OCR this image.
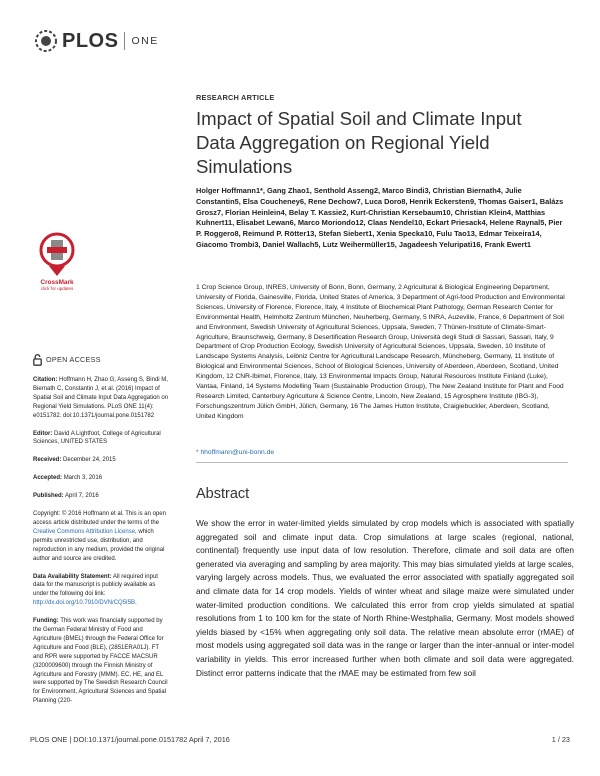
PLOS ONE
RESEARCH ARTICLE
Impact of Spatial Soil and Climate Input Data Aggregation on Regional Yield Simulations
Holger Hoffmann1*, Gang Zhao1, Senthold Asseng2, Marco Bindi3, Christian Biernath4, Julie Constantin5, Elsa Coucheney6, Rene Dechow7, Luca Doro8, Henrik Eckersten9, Thomas Gaiser1, Balázs Grosz7, Florian Heinlein4, Belay T. Kassie2, Kurt-Christian Kersebaum10, Christian Klein4, Matthias Kuhnert11, Elisabet Lewan6, Marco Moriondo12, Claas Nendel10, Eckart Priesack4, Helene Raynal5, Pier P. Roggero8, Reimund P. Rötter13, Stefan Siebert1, Xenia Specka10, Fulu Tao13, Edmar Teixeira14, Giacomo Trombi3, Daniel Wallach5, Lutz Weihermüller15, Jagadeesh Yeluripati16, Frank Ewert1
1 Crop Science Group, INRES, University of Bonn, Bonn, Germany, 2 Agricultural & Biological Engineering Department, University of Florida, Gainesville, Florida, United States of America, 3 Department of Agri-food Production and Environmental Sciences, University of Florence, Florence, Italy, 4 Institute of Biochemical Plant Pathology, German Research Center for Environmental Health, Helmholtz Zentrum München, Neuherberg, Germany, 5 INRA, Auzeville, France, 6 Department of Soil and Environment, Swedish University of Agricultural Sciences, Uppsala, Sweden, 7 Thünen-Institute of Climate-Smart-Agriculture, Braunschweig, Germany, 8 Desertification Research Group, Università degli Studi di Sassari, Sassari, Italy, 9 Department of Crop Production Ecology, Swedish University of Agricultural Sciences, Uppsala, Sweden, 10 Institute of Landscape Systems Analysis, Leibniz Centre for Agricultural Landscape Research, Müncheberg, Germany, 11 Institute of Biological and Environmental Sciences, School of Biological Sciences, University of Aberdeen, Aberdeen, Scotland, United Kingdom, 12 CNR-Ibimet, Florence, Italy, 13 Environmental Impacts Group, Natural Resources Institute Finland (Luke), Vantaa, Finland, 14 Systems Modelling Team (Sustainable Production Group), The New Zealand Institute for Plant and Food Research Limited, Canterbury Agriculture & Science Centre, Lincoln, New Zealand, 15 Agrosphere Institute (IBG-3), Forschungszentrum Jülich GmbH, Jülich, Germany, 16 The James Hutton Institute, Craigiebuckler, Aberdeen, Scotland, United Kingdom
* hhoffmann@uni-bonn.de
Abstract
We show the error in water-limited yields simulated by crop models which is associated with spatially aggregated soil and climate input data. Crop simulations at large scales (regional, national, continental) frequently use input data of low resolution. Therefore, climate and soil data are often generated via averaging and sampling by area majority. This may bias simulated yields at large scales, varying largely across models. Thus, we evaluated the error associated with spatially aggregated soil and climate data for 14 crop models. Yields of winter wheat and silage maize were simulated under water-limited production conditions. We calculated this error from crop yields simulated at spatial resolutions from 1 to 100 km for the state of North Rhine-Westphalia, Germany. Most models showed yields biased by <15% when aggregating only soil data. The relative mean absolute error (rMAE) of most models using aggregated soil data was in the range or larger than the inter-annual or inter-model variability in yields. This error increased further when both climate and soil data were aggregated. Distinct error patterns indicate that the rMAE may be estimated from few soil
CrossMark
click for updates
OPEN ACCESS
Citation: Hoffmann H, Zhao G, Asseng S, Bindi M, Biernath C, Constantin J, et al. (2016) Impact of Spatial Soil and Climate Input Data Aggregation on Regional Yield Simulations. PLoS ONE 11(4): e0151782. doi:10.1371/journal.pone.0151782
Editor: David A Lightfoot, College of Agricultural Sciences, UNITED STATES
Received: December 24, 2015
Accepted: March 3, 2016
Published: April 7, 2016
Copyright: © 2016 Hoffmann et al. This is an open access article distributed under the terms of the Creative Commons Attribution License, which permits unrestricted use, distribution, and reproduction in any medium, provided the original author and source are credited.
Data Availability Statement: All required input data for the manuscript is publicly available as under the following doi link: http://dx.doi.org/10.7910/DVN/CQ5I5B.
Funding: This work was financially supported by the German Federal Ministry of Food and Agriculture (BMEL) through the Federal Office for Agriculture and Food (BLE), (2851ERA01J). FT and RPR were supported by FACCE MACSUR (3200009600) through the Finnish Ministry of Agriculture and Forestry (MMM). EC, HE, and EL were supported by The Swedish Research Council for Environment, Agricultural Sciences and Spatial Planning (220-
PLOS ONE | DOI:10.1371/journal.pone.0151782 April 7, 2016	1 / 23
